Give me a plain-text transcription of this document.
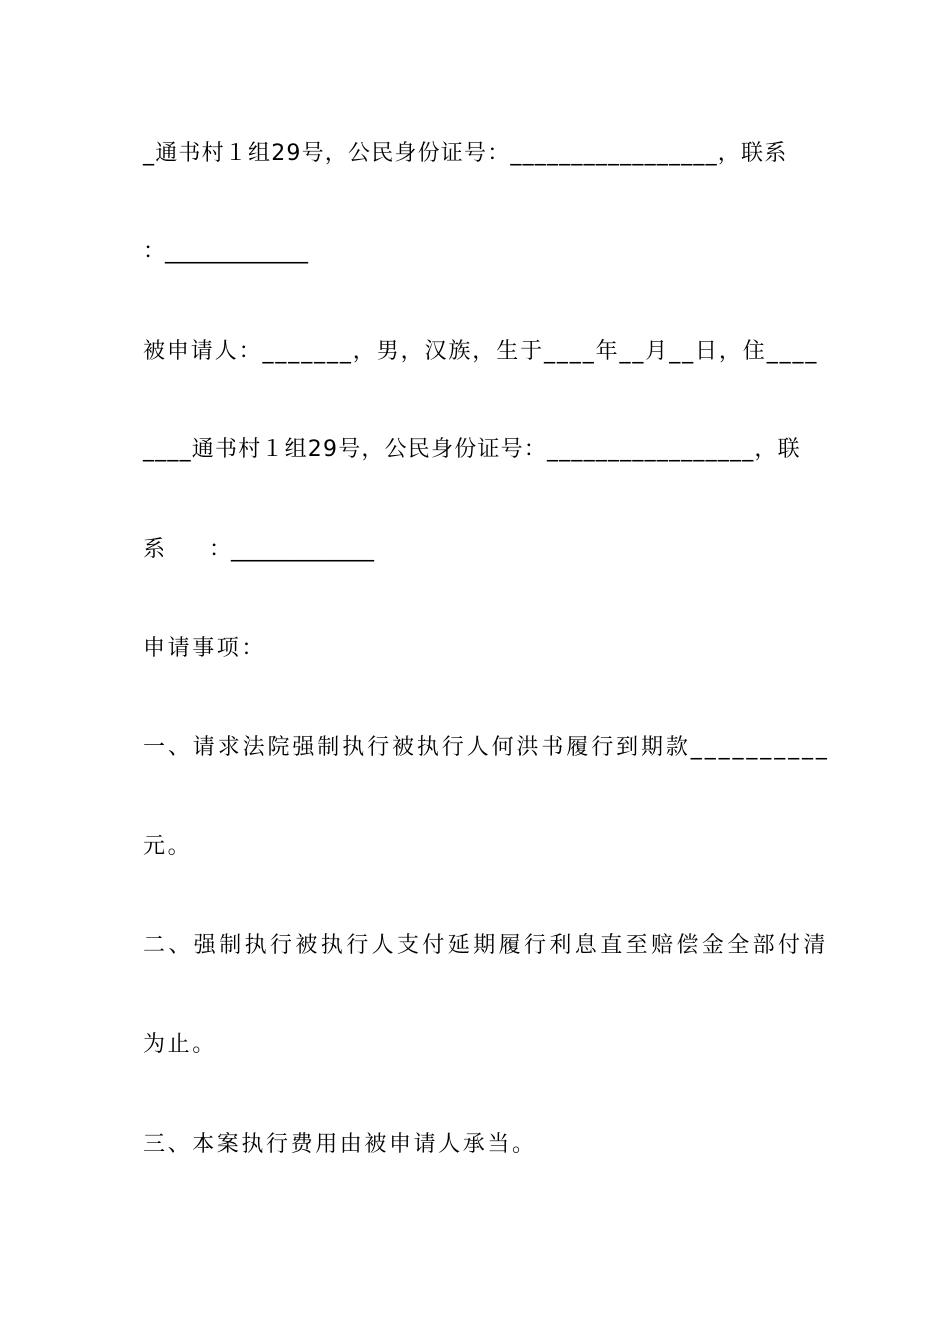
_通书村１组29号，公民身份证号：_________________，联系
：_____________
被申请人：_______，男，汉族，生于____年__月__日，住____
____通书村１组29号，公民身份证号：_________________，联
系　　：_____________
申请事项：
一、请求法院强制执行被执行人何洪书履行到期款__________
元。
二、强制执行被执行人支付延期履行利息直至赔偿金全部付清
为止。
三、本案执行费用由被申请人承当。
